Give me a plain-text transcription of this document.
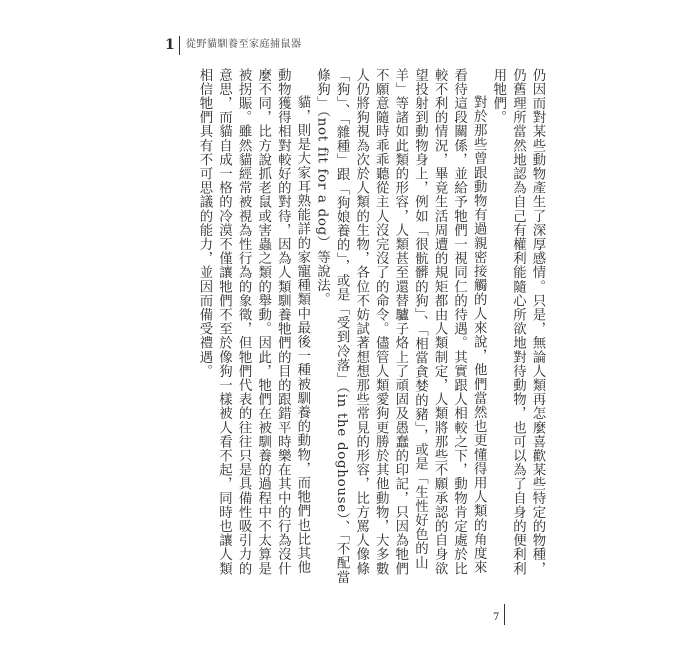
1 從野貓馴養至家庭捕鼠器

仍因而對某些動物產生了深厚感情。只是，無論人類再怎麼喜歡某些特定的物種，仍舊理所當然地認為自己有權利能隨心所欲地對待動物，也可以為了自身的便利利用牠們。

對於那些曾跟動物有過親密接觸的人來說，他們當然也更懂得用人類的角度來看待這段關係，並給予牠們一視同仁的待遇。其實跟人相較之下，動物肯定處於比較不利的情況，畢竟生活周遭的規矩都由人類制定，人類將那些不願承認的自身欲望投射到動物身上，例如「很骯髒的狗」、「相當貪婪的豬」，或是「生性好色的山羊」等諸如此類的形容，人類甚至還替驢子烙上了頑固及愚蠢的印記，只因為牠們不願意隨時乖乖聽從主人沒完沒了的命令。儘管人類愛狗更勝於其他動物，大多數人仍將狗視為次於人類的生物，各位不妨試著想想那些常見的形容，比方罵人像條「狗」、「雜種」跟「狗娘養的」，或是「受到冷落」（in the doghouse）、「不配當條狗」（not fit for a dog）等說法。

貓，則是大家耳熟能詳的家寵種類中最後一種被馴養的動物，而牠們也比其他動物獲得相對較好的對待，因為人類馴養牠們的目的跟錯平時樂在其中的行為沒什麼不同，比方說抓老鼠或害蟲之類的舉動。因此，牠們在被馴養的過程中不太算是被拐賑。雖然貓經常被視為性行為的象徵，但牠們代表的往往只是具備性吸引力的意思，而貓自成一格的冷漠不僅讓牠們不至於像狗一樣被人看不起，同時也讓人類相信牠們具有不可思議的能力，並因而備受禮遇。

7
